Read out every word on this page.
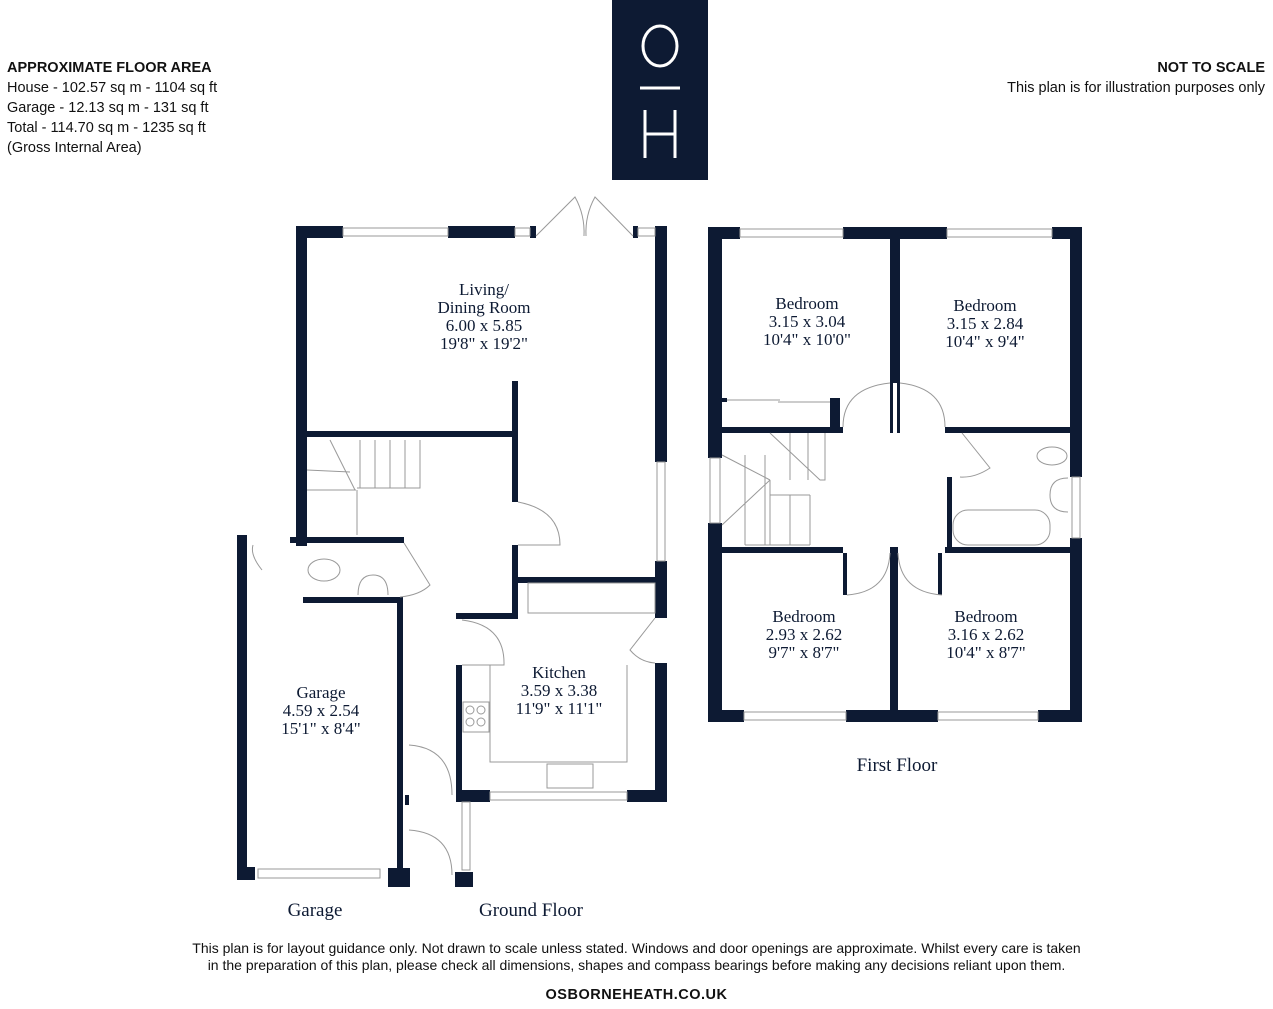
APPROXIMATE FLOOR AREA
House - 102.57 sq m - 1104 sq ft
Garage - 12.13 sq m - 131 sq ft
Total - 114.70 sq m - 1235 sq ft
(Gross Internal Area)
NOT TO SCALE
This plan is for illustration purposes only
Living/
Dining Room
6.00 x 5.85
19'8" x 19'2"
Kitchen
3.59 x 3.38
11'9" x 11'1"
Garage
4.59 x 2.54
15'1" x 8'4"
Bedroom
3.15 x 3.04
10'4" x 10'0"
Bedroom
3.15 x 2.84
10'4" x 9'4"
Bedroom
2.93 x 2.62
9'7" x 8'7"
Bedroom
3.16 x 2.62
10'4" x 8'7"
Garage	Ground Floor
First Floor
This plan is for layout guidance only. Not drawn to scale unless stated. Windows and door openings are approximate. Whilst every care is taken
in the preparation of this plan, please check all dimensions, shapes and compass bearings before making any decisions reliant upon them.
OSBORNEHEATH.CO.UK
